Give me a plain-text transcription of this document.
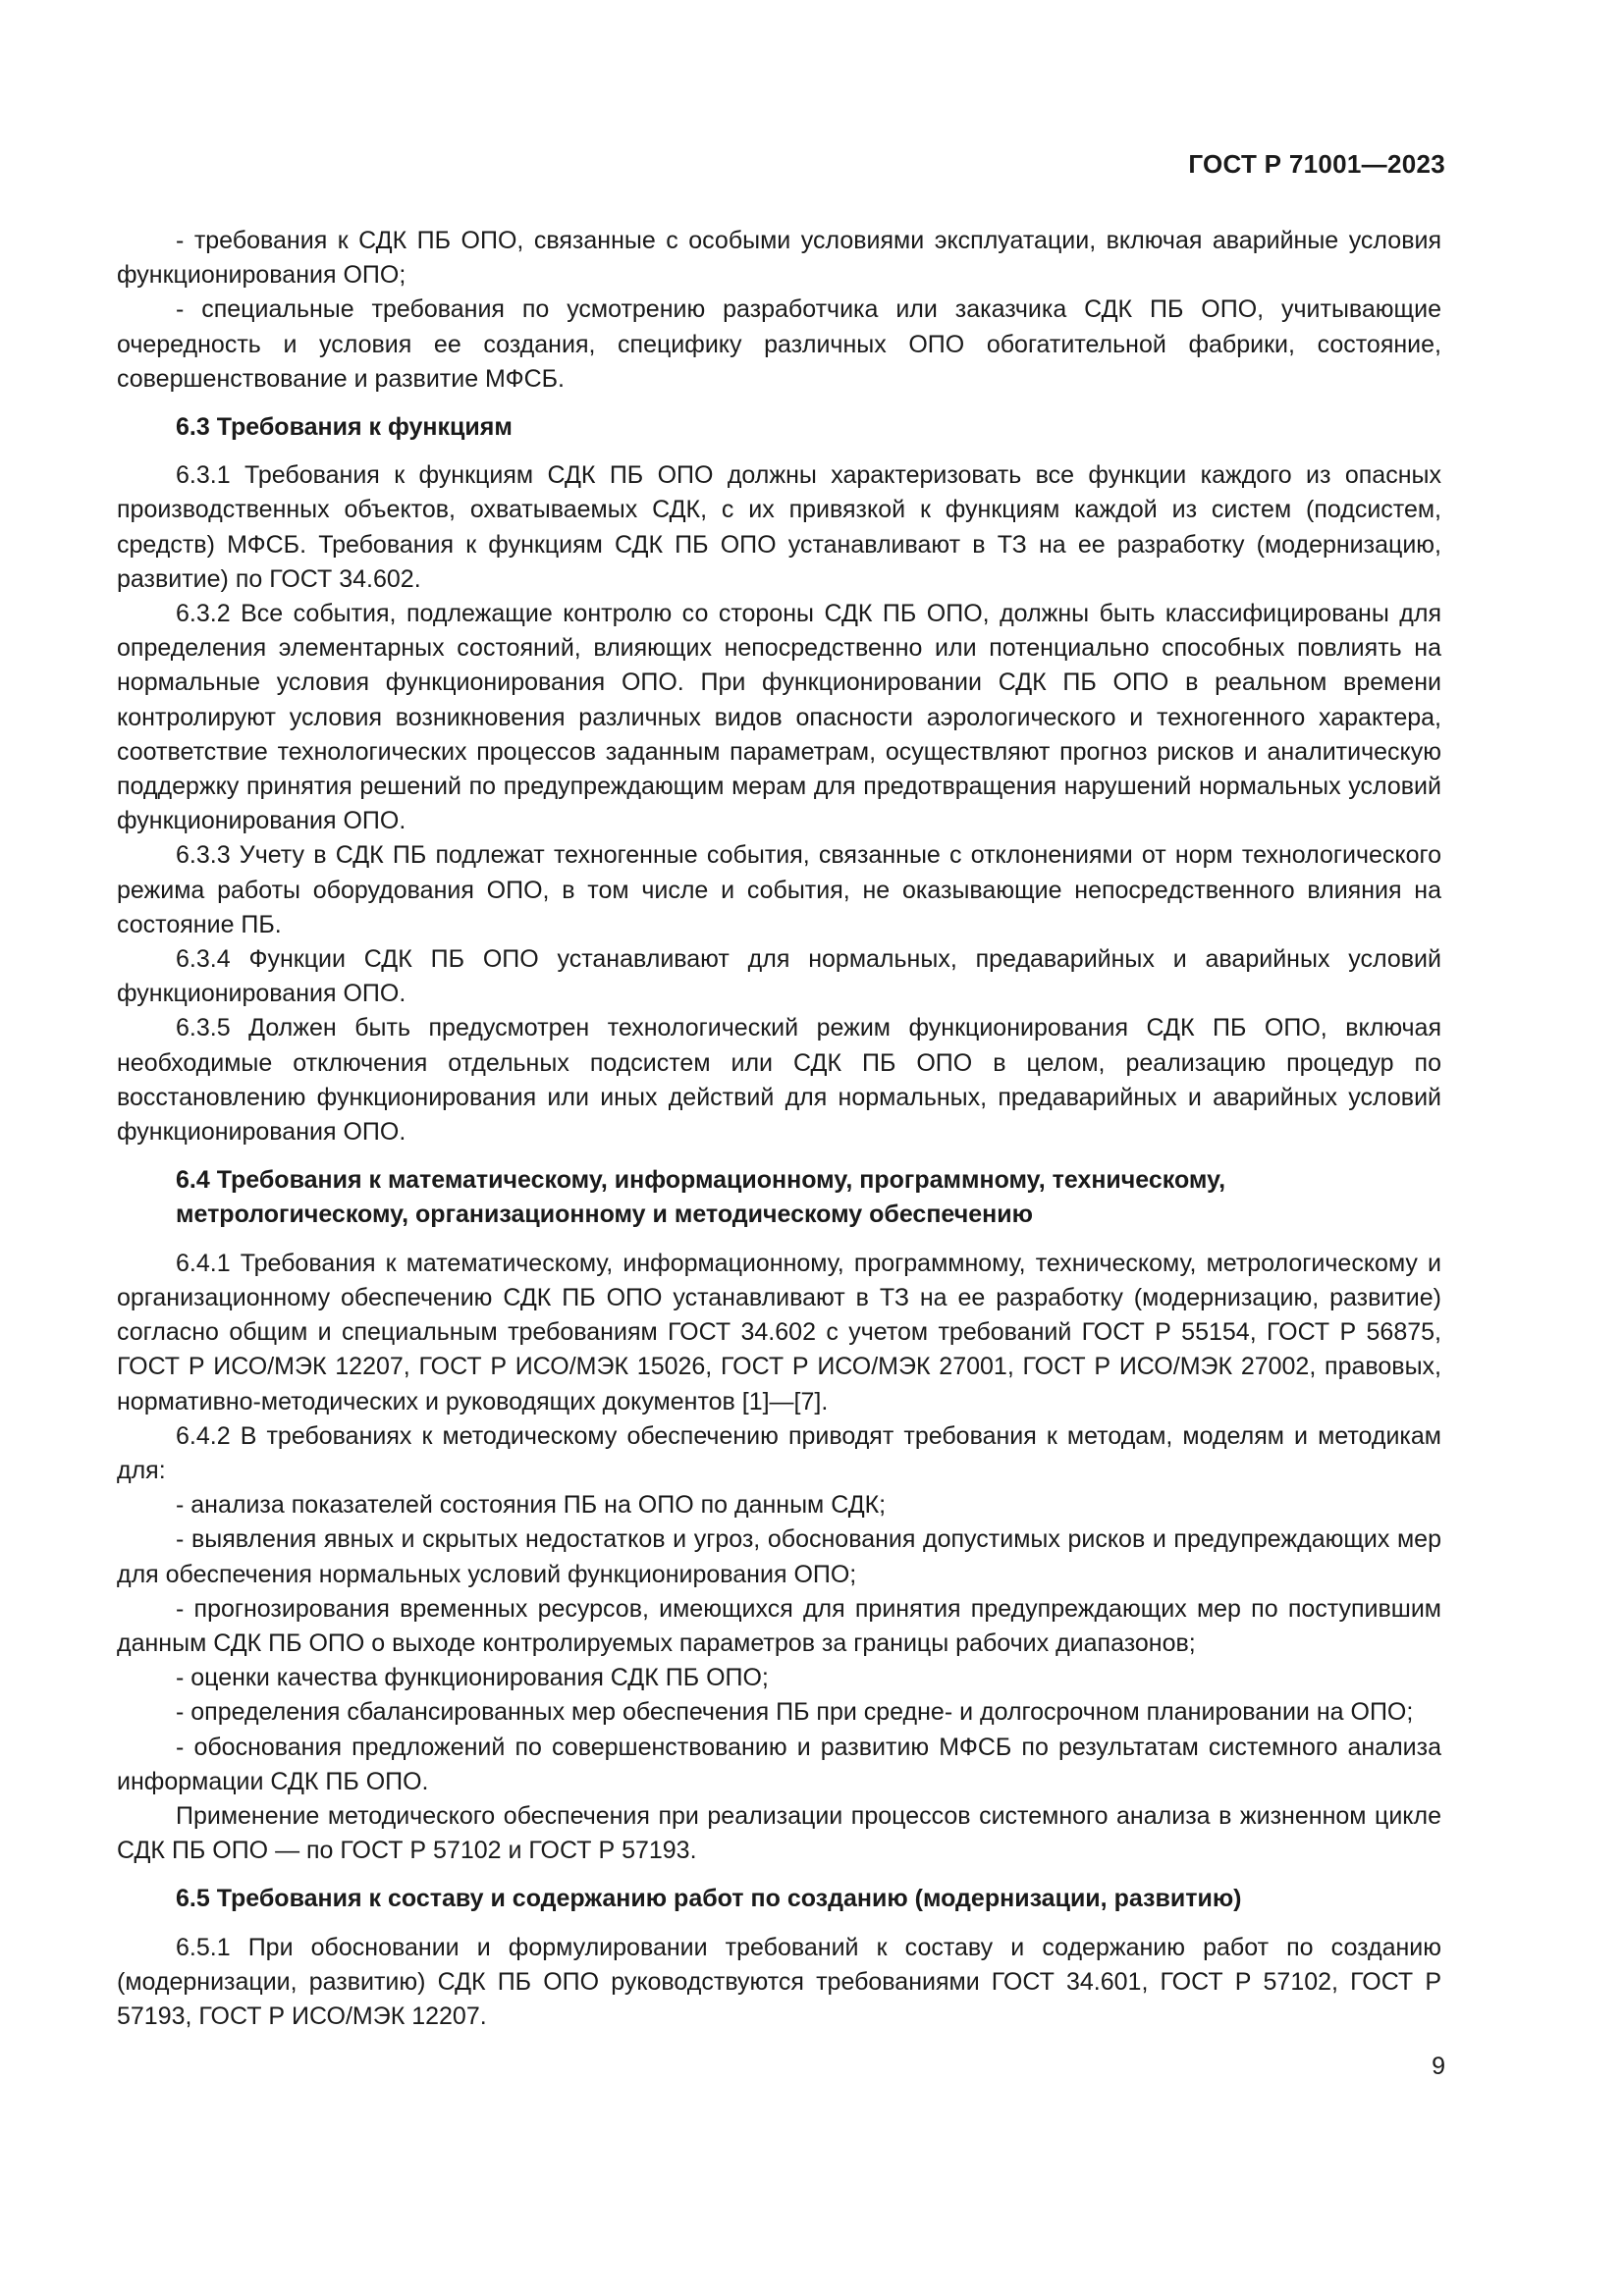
ГОСТ Р 71001—2023

- требования к СДК ПБ ОПО, связанные с особыми условиями эксплуатации, включая аварийные условия функционирования ОПО;

- специальные требования по усмотрению разработчика или заказчика СДК ПБ ОПО, учитывающие очередность и условия ее создания, специфику различных ОПО обогатительной фабрики, состояние, совершенствование и развитие МФСБ.

6.3 Требования к функциям

6.3.1 Требования к функциям СДК ПБ ОПО должны характеризовать все функции каждого из опасных производственных объектов, охватываемых СДК, с их привязкой к функциям каждой из систем (подсистем, средств) МФСБ. Требования к функциям СДК ПБ ОПО устанавливают в ТЗ на ее разработку (модернизацию, развитие) по ГОСТ 34.602.

6.3.2 Все события, подлежащие контролю со стороны СДК ПБ ОПО, должны быть классифицированы для определения элементарных состояний, влияющих непосредственно или потенциально способных повлиять на нормальные условия функционирования ОПО. При функционировании СДК ПБ ОПО в реальном времени контролируют условия возникновения различных видов опасности аэрологического и техногенного характера, соответствие технологических процессов заданным параметрам, осуществляют прогноз рисков и аналитическую поддержку принятия решений по предупреждающим мерам для предотвращения нарушений нормальных условий функционирования ОПО.

6.3.3 Учету в СДК ПБ подлежат техногенные события, связанные с отклонениями от норм технологического режима работы оборудования ОПО, в том числе и события, не оказывающие непосредственного влияния на состояние ПБ.

6.3.4 Функции СДК ПБ ОПО устанавливают для нормальных, предаварийных и аварийных условий функционирования ОПО.

6.3.5 Должен быть предусмотрен технологический режим функционирования СДК ПБ ОПО, включая необходимые отключения отдельных подсистем или СДК ПБ ОПО в целом, реализацию процедур по восстановлению функционирования или иных действий для нормальных, предаварийных и аварийных условий функционирования ОПО.

6.4 Требования к математическому, информационному, программному, техническому, метрологическому, организационному и методическому обеспечению

6.4.1 Требования к математическому, информационному, программному, техническому, метрологическому и организационному обеспечению СДК ПБ ОПО устанавливают в ТЗ на ее разработку (модернизацию, развитие) согласно общим и специальным требованиям ГОСТ 34.602 с учетом требований ГОСТ Р 55154, ГОСТ Р 56875, ГОСТ Р ИСО/МЭК 12207, ГОСТ Р ИСО/МЭК 15026, ГОСТ Р ИСО/МЭК 27001, ГОСТ Р ИСО/МЭК 27002, правовых, нормативно-методических и руководящих документов [1]—[7].

6.4.2 В требованиях к методическому обеспечению приводят требования к методам, моделям и методикам для:

- анализа показателей состояния ПБ на ОПО по данным СДК;

- выявления явных и скрытых недостатков и угроз, обоснования допустимых рисков и предупреждающих мер для обеспечения нормальных условий функционирования ОПО;

- прогнозирования временных ресурсов, имеющихся для принятия предупреждающих мер по поступившим данным СДК ПБ ОПО о выходе контролируемых параметров за границы рабочих диапазонов;

- оценки качества функционирования СДК ПБ ОПО;

- определения сбалансированных мер обеспечения ПБ при средне- и долгосрочном планировании на ОПО;

- обоснования предложений по совершенствованию и развитию МФСБ по результатам системного анализа информации СДК ПБ ОПО.

Применение методического обеспечения при реализации процессов системного анализа в жизненном цикле СДК ПБ ОПО — по ГОСТ Р 57102 и ГОСТ Р 57193.

6.5 Требования к составу и содержанию работ по созданию (модернизации, развитию)

6.5.1 При обосновании и формулировании требований к составу и содержанию работ по созданию (модернизации, развитию) СДК ПБ ОПО руководствуются требованиями ГОСТ 34.601, ГОСТ Р 57102, ГОСТ Р 57193, ГОСТ Р ИСО/МЭК 12207.

9
